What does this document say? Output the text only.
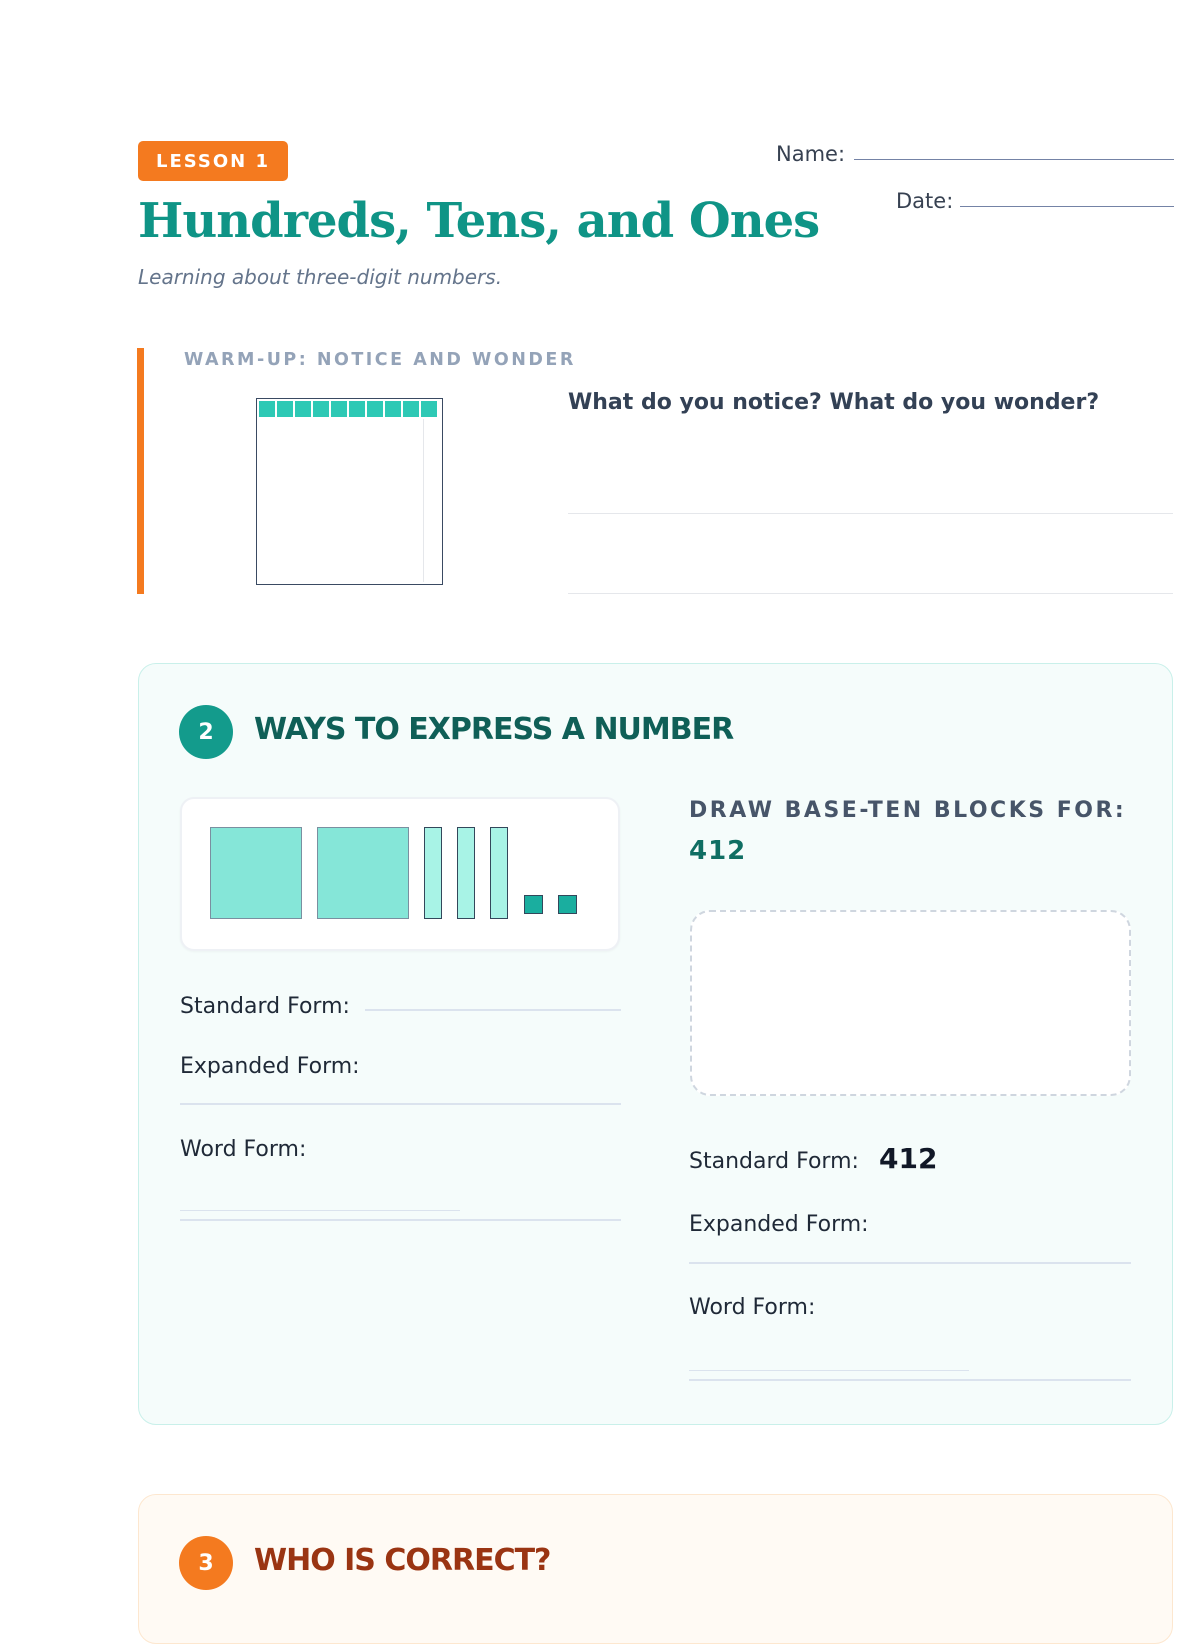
LESSON 1
Hundreds, Tens, and Ones

Learning about three-digit numbers.

Name:
Date:
WARM-UP: NOTICE AND WONDER
What do you notice? What do you wonder?
2	WAYS TO EXPRESS A NUMBER
Standard Form:
Expanded Form:
Word Form:
DRAW BASE-TEN BLOCKS FOR:
412
Standard Form: 412
Expanded Form:
Word Form:
3	WHO IS CORRECT?
